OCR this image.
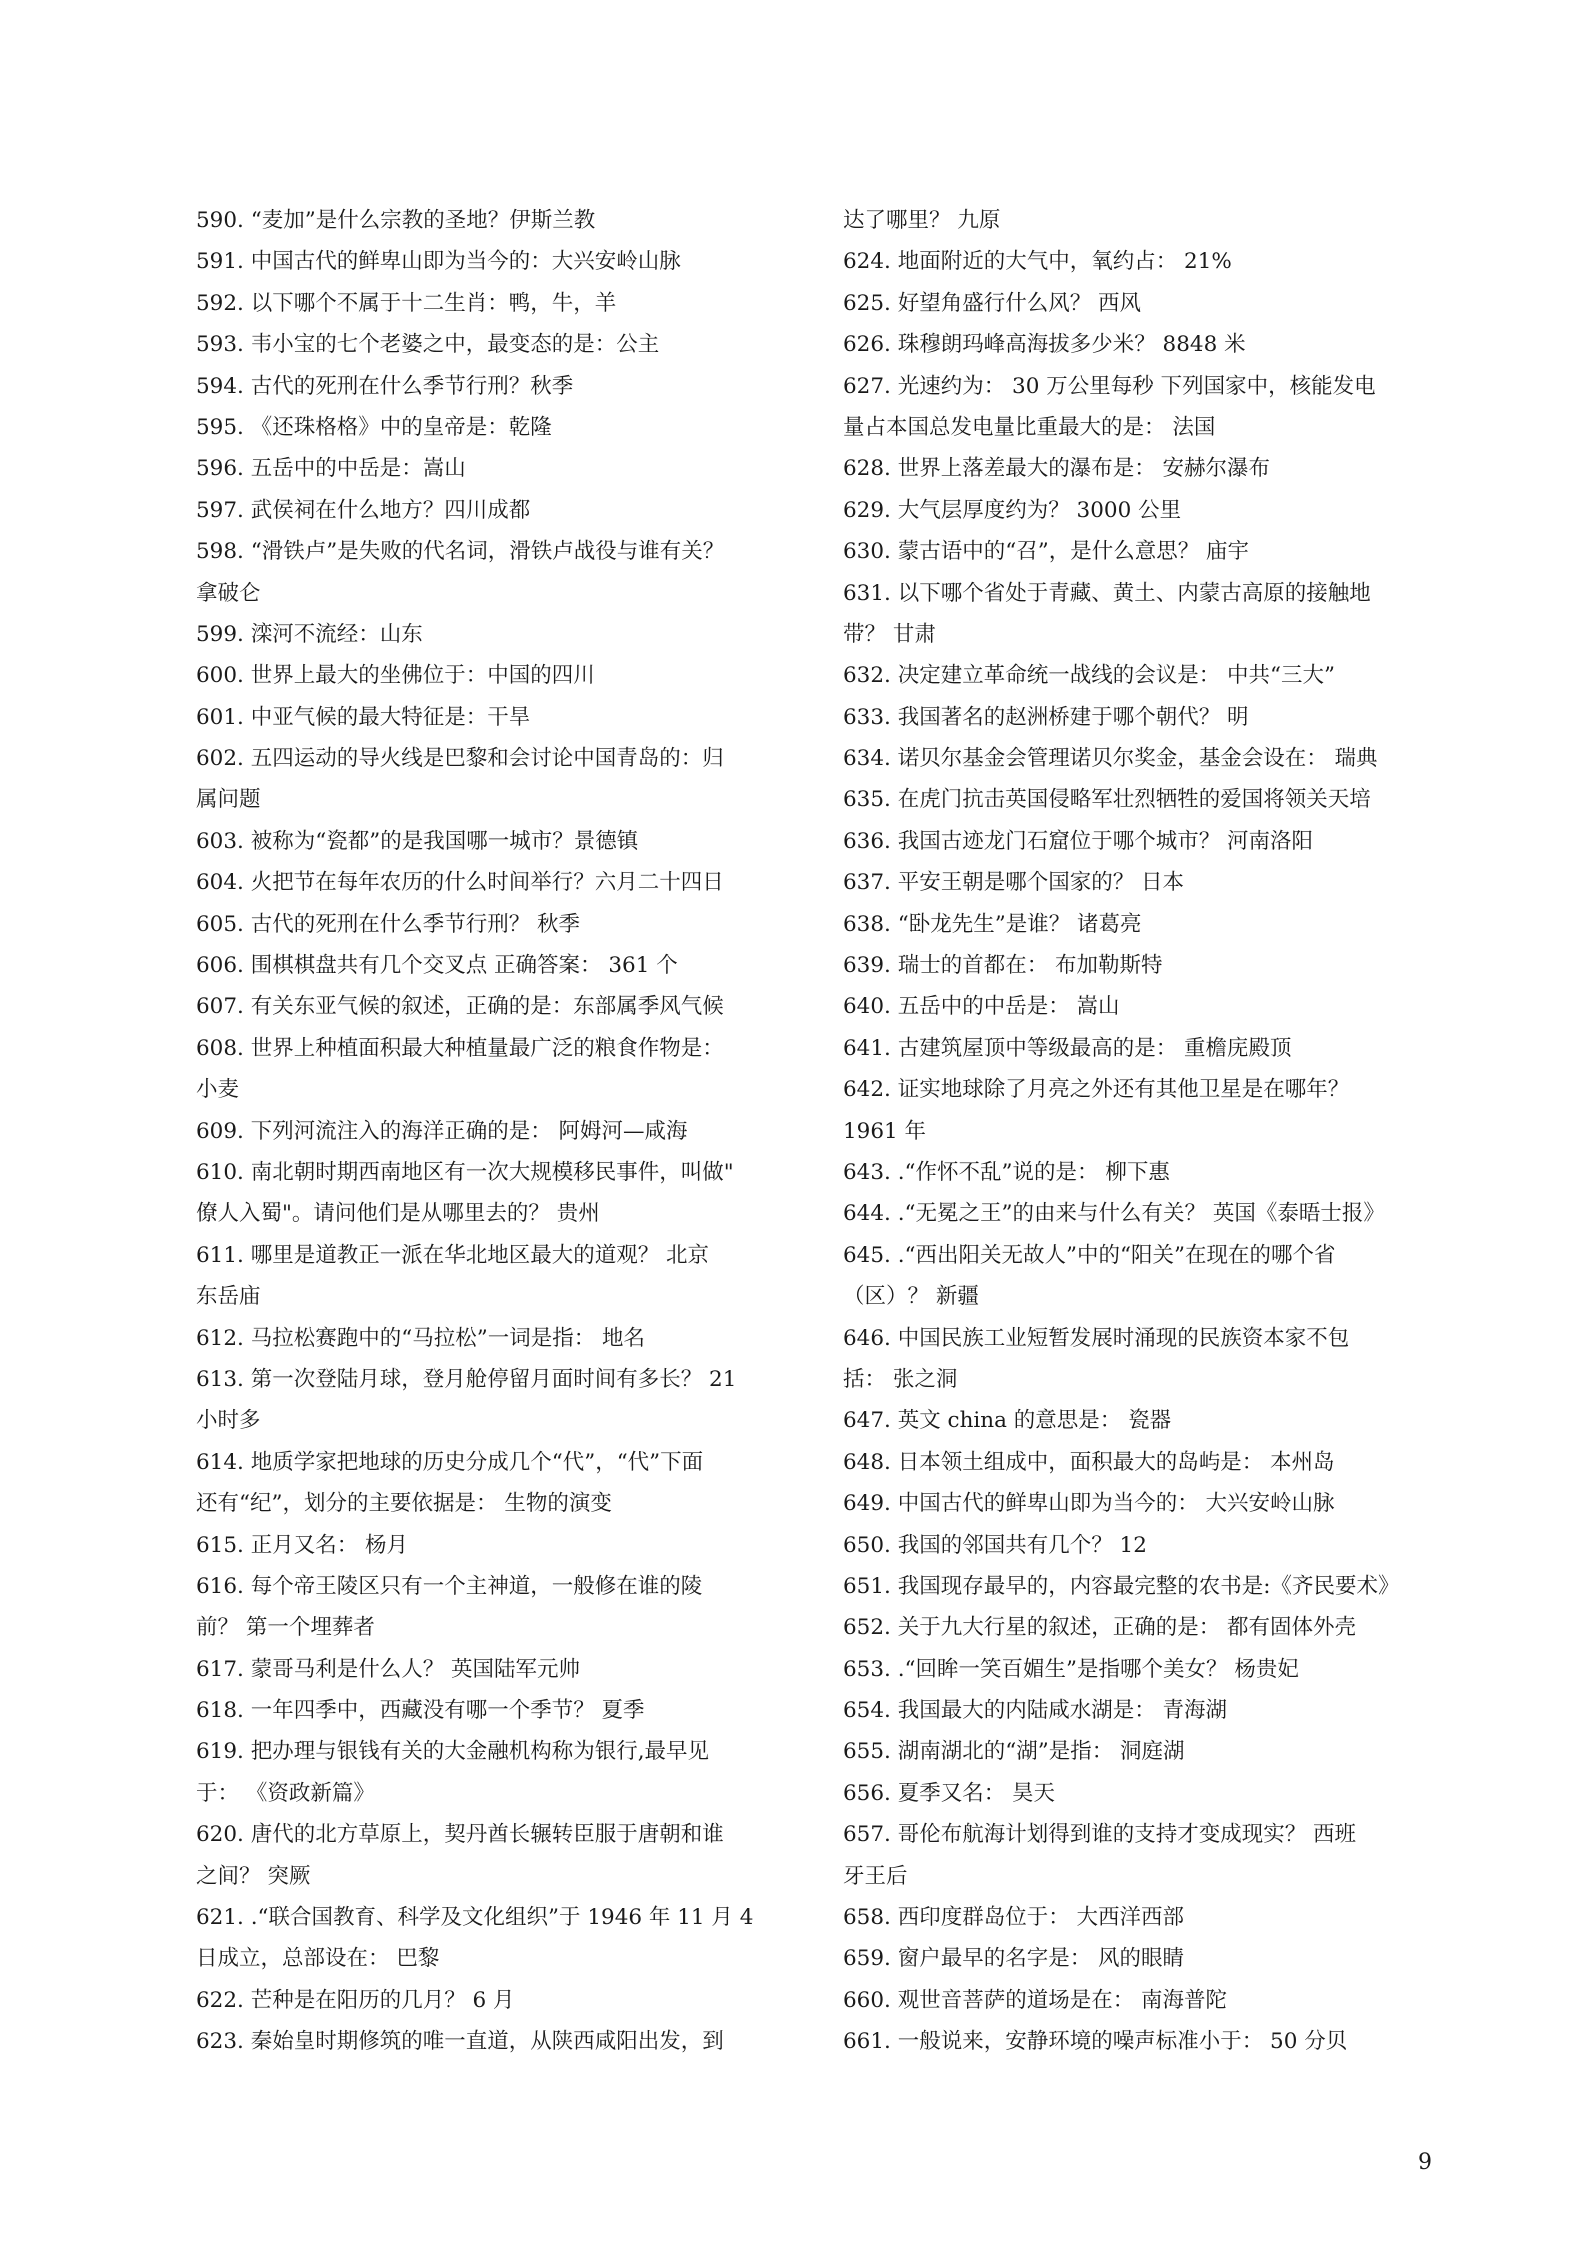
590. “麦加”是什么宗教的圣地？伊斯兰教
591. 中国古代的鲜卑山即为当今的：大兴安岭山脉
592. 以下哪个不属于十二生肖：鸭，牛，羊
593. 韦小宝的七个老婆之中，最变态的是：公主
594. 古代的死刑在什么季节行刑？秋季
595. 《还珠格格》中的皇帝是：乾隆
596. 五岳中的中岳是：嵩山
597. 武侯祠在什么地方？四川成都
598. “滑铁卢”是失败的代名词，滑铁卢战役与谁有关？
拿破仑
599. 滦河不流经：山东
600. 世界上最大的坐佛位于：中国的四川
601. 中亚气候的最大特征是：干旱
602. 五四运动的导火线是巴黎和会讨论中国青岛的：归
属问题
603. 被称为“瓷都”的是我国哪一城市？景德镇
604. 火把节在每年农历的什么时间举行？六月二十四日
605. 古代的死刑在什么季节行刑？ 秋季
606. 围棋棋盘共有几个交叉点 正确答案： 361 个
607. 有关东亚气候的叙述，正确的是：东部属季风气候
608. 世界上种植面积最大种植量最广泛的粮食作物是：
小麦
609. 下列河流注入的海洋正确的是： 阿姆河—咸海
610. 南北朝时期西南地区有一次大规模移民事件，叫做"
僚人入蜀"。请问他们是从哪里去的？ 贵州
611. 哪里是道教正一派在华北地区最大的道观？ 北京
东岳庙
612. 马拉松赛跑中的“马拉松”一词是指： 地名
613. 第一次登陆月球，登月舱停留月面时间有多长？ 21
小时多
614. 地质学家把地球的历史分成几个“代”，“代”下面
还有“纪”，划分的主要依据是： 生物的演变
615. 正月又名： 杨月
616. 每个帝王陵区只有一个主神道，一般修在谁的陵
前？ 第一个埋葬者
617. 蒙哥马利是什么人？ 英国陆军元帅
618. 一年四季中，西藏没有哪一个季节？ 夏季
619. 把办理与银钱有关的大金融机构称为银行,最早见
于： 《资政新篇》
620. 唐代的北方草原上，契丹酋长辗转臣服于唐朝和谁
之间？ 突厥
621. .“联合国教育、科学及文化组织”于 1946 年 11 月 4
日成立，总部设在： 巴黎
622. 芒种是在阳历的几月？ 6 月
623. 秦始皇时期修筑的唯一直道，从陕西咸阳出发，到
达了哪里？ 九原
624. 地面附近的大气中，氧约占： 21%
625. 好望角盛行什么风？ 西风
626. 珠穆朗玛峰高海拔多少米？ 8848 米
627. 光速约为： 30 万公里每秒 下列国家中，核能发电
量占本国总发电量比重最大的是： 法国
628. 世界上落差最大的瀑布是： 安赫尔瀑布
629. 大气层厚度约为？ 3000 公里
630. 蒙古语中的“召”，是什么意思？ 庙宇
631. 以下哪个省处于青藏、黄土、内蒙古高原的接触地
带？ 甘肃
632. 决定建立革命统一战线的会议是： 中共“三大”
633. 我国著名的赵洲桥建于哪个朝代？ 明
634. 诺贝尔基金会管理诺贝尔奖金，基金会设在： 瑞典
635. 在虎门抗击英国侵略军壮烈牺牲的爱国将领关天培
636. 我国古迹龙门石窟位于哪个城市？ 河南洛阳
637. 平安王朝是哪个国家的？ 日本
638. “卧龙先生”是谁？ 诸葛亮
639. 瑞士的首都在： 布加勒斯特
640. 五岳中的中岳是： 嵩山
641. 古建筑屋顶中等级最高的是： 重檐庑殿顶
642. 证实地球除了月亮之外还有其他卫星是在哪年？
1961 年
643. .“作怀不乱”说的是： 柳下惠
644. .“无冕之王”的由来与什么有关？ 英国《泰晤士报》
645. .“西出阳关无故人”中的“阳关”在现在的哪个省
（区）？ 新疆
646. 中国民族工业短暂发展时涌现的民族资本家不包
括： 张之洞
647. 英文 china 的意思是： 瓷器
648. 日本领土组成中，面积最大的岛屿是： 本州岛
649. 中国古代的鲜卑山即为当今的： 大兴安岭山脉
650. 我国的邻国共有几个？ 12
651. 我国现存最早的，内容最完整的农书是:《齐民要术》
652. 关于九大行星的叙述，正确的是： 都有固体外壳
653. .“回眸一笑百媚生”是指哪个美女？ 杨贵妃
654. 我国最大的内陆咸水湖是： 青海湖
655. 湖南湖北的“湖”是指： 洞庭湖
656. 夏季又名： 昊天
657. 哥伦布航海计划得到谁的支持才变成现实？ 西班
牙王后
658. 西印度群岛位于： 大西洋西部
659. 窗户最早的名字是： 风的眼睛
660. 观世音菩萨的道场是在： 南海普陀
661. 一般说来，安静环境的噪声标准小于： 50 分贝
9
